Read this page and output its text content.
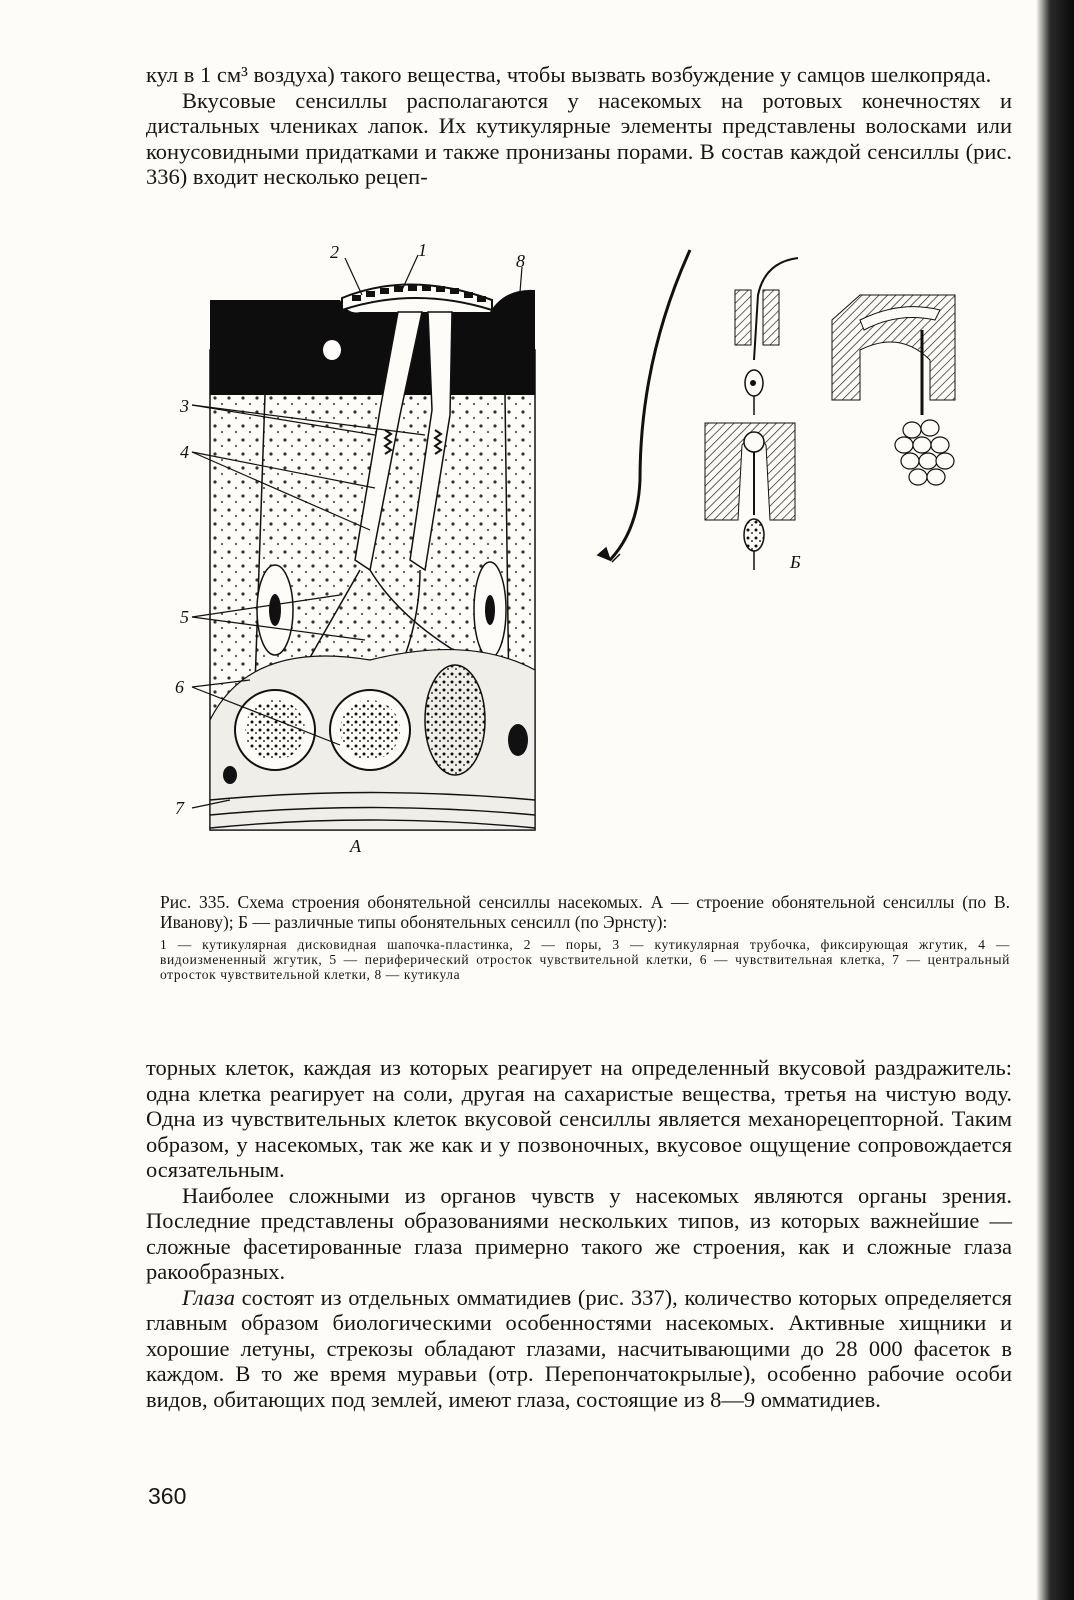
кул в 1 см³ воздуха) такого вещества, чтобы вызвать возбуждение у самцов шелкопряда.

Вкусовые сенсиллы располагаются у насекомых на ротовых конечностях и дистальных члениках лапок. Их кутикулярные элементы представлены волосками или конусовидными придатками и также пронизаны порами. В состав каждой сенсиллы (рис. 336) входит несколько рецеп-

2	1
8
3
4
5
6
7
А
Б

Рис. 335. Схема строения обонятельной сенсиллы насекомых. А — строение обонятельной сенсиллы (по В. Иванову); Б — различные типы обонятельных сенсилл (по Эрнсту):

1 — кутикулярная дисковидная шапочка-пластинка, 2 — поры, 3 — кутикулярная трубочка, фиксирующая жгутик, 4 — видоизмененный жгутик, 5 — периферический отросток чувствительной клетки, 6 — чувствительная клетка, 7 — центральный отросток чувствительной клетки, 8 — кутикула

торных клеток, каждая из которых реагирует на определенный вкусовой раздражитель: одна клетка реагирует на соли, другая на сахаристые вещества, третья на чистую воду. Одна из чувствительных клеток вкусовой сенсиллы является механорецепторной. Таким образом, у насекомых, так же как и у позвоночных, вкусовое ощущение сопровождается осязательным.

Наиболее сложными из органов чувств у насекомых являются органы зрения. Последние представлены образованиями нескольких типов, из которых важнейшие — сложные фасетированные глаза примерно такого же строения, как и сложные глаза ракообразных.

Глаза состоят из отдельных омматидиев (рис. 337), количество которых определяется главным образом биологическими особенностями насекомых. Активные хищники и хорошие летуны, стрекозы обладают глазами, насчитывающими до 28 000 фасеток в каждом. В то же время муравьи (отр. Перепончатокрылые), особенно рабочие особи видов, обитающих под землей, имеют глаза, состоящие из 8—9 омматидиев.

360
